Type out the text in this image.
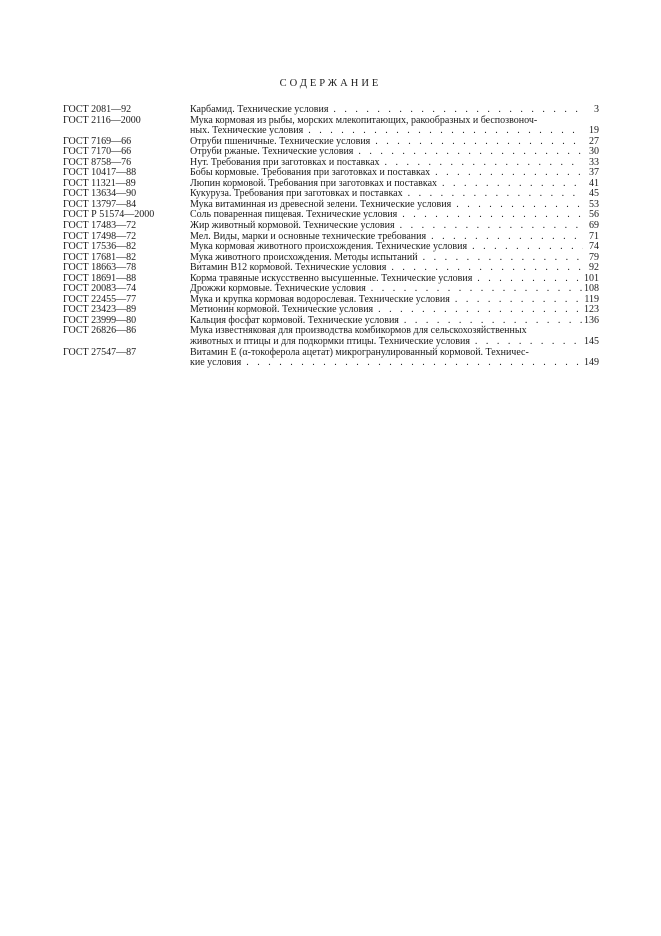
СОДЕРЖАНИЕ
ГОСТ 2081—92	Карбамид. Технические условия . . .	3
ГОСТ 2116—2000	Мука кормовая из рыбы, морских млекопитающих, ракообразных и беспозвоноч-
ных. Технические условия . . .	19
ГОСТ 7169—66	Отруби пшеничные. Технические условия . . .	27
ГОСТ 7170—66	Отруби ржаные. Технические условия . . .	30
ГОСТ 8758—76	Нут. Требования при заготовках и поставках . . .	33
ГОСТ 10417—88	Бобы кормовые. Требования при заготовках и поставках . . .	37
ГОСТ 11321—89	Люпин кормовой. Требования при заготовках и поставках . . .	41
ГОСТ 13634—90	Кукуруза. Требования при заготовках и поставках . . .	45
ГОСТ 13797—84	Мука витаминная из древесной зелени. Технические условия . . .	53
ГОСТ Р 51574—2000	Соль поваренная пищевая. Технические условия . . .	56
ГОСТ 17483—72	Жир животный кормовой. Технические условия . . .	69
ГОСТ 17498—72	Мел. Виды, марки и основные технические требования . . .	71
ГОСТ 17536—82	Мука кормовая животного происхождения. Технические условия . . .	74
ГОСТ 17681—82	Мука животного происхождения. Методы испытаний . . .	79
ГОСТ 18663—78	Витамин B12 кормовой. Технические условия . . .	92
ГОСТ 18691—88	Корма травяные искусственно высушенные. Технические условия . . .	101
ГОСТ 20083—74	Дрожжи кормовые. Технические условия . . .	108
ГОСТ 22455—77	Мука и крупка кормовая водорослевая. Технические условия . . .	119
ГОСТ 23423—89	Метионин кормовой. Технические условия . . .	123
ГОСТ 23999—80	Кальция фосфат кормовой. Технические условия . . .	136
ГОСТ 26826—86	Мука известняковая для производства комбикормов для сельскохозяйственных
животных и птицы и для подкормки птицы. Технические условия . . .	145
ГОСТ 27547—87	Витамин Е (α-токоферола ацетат) микрогранулированный кормовой. Техничес-
кие условия . . .	149
